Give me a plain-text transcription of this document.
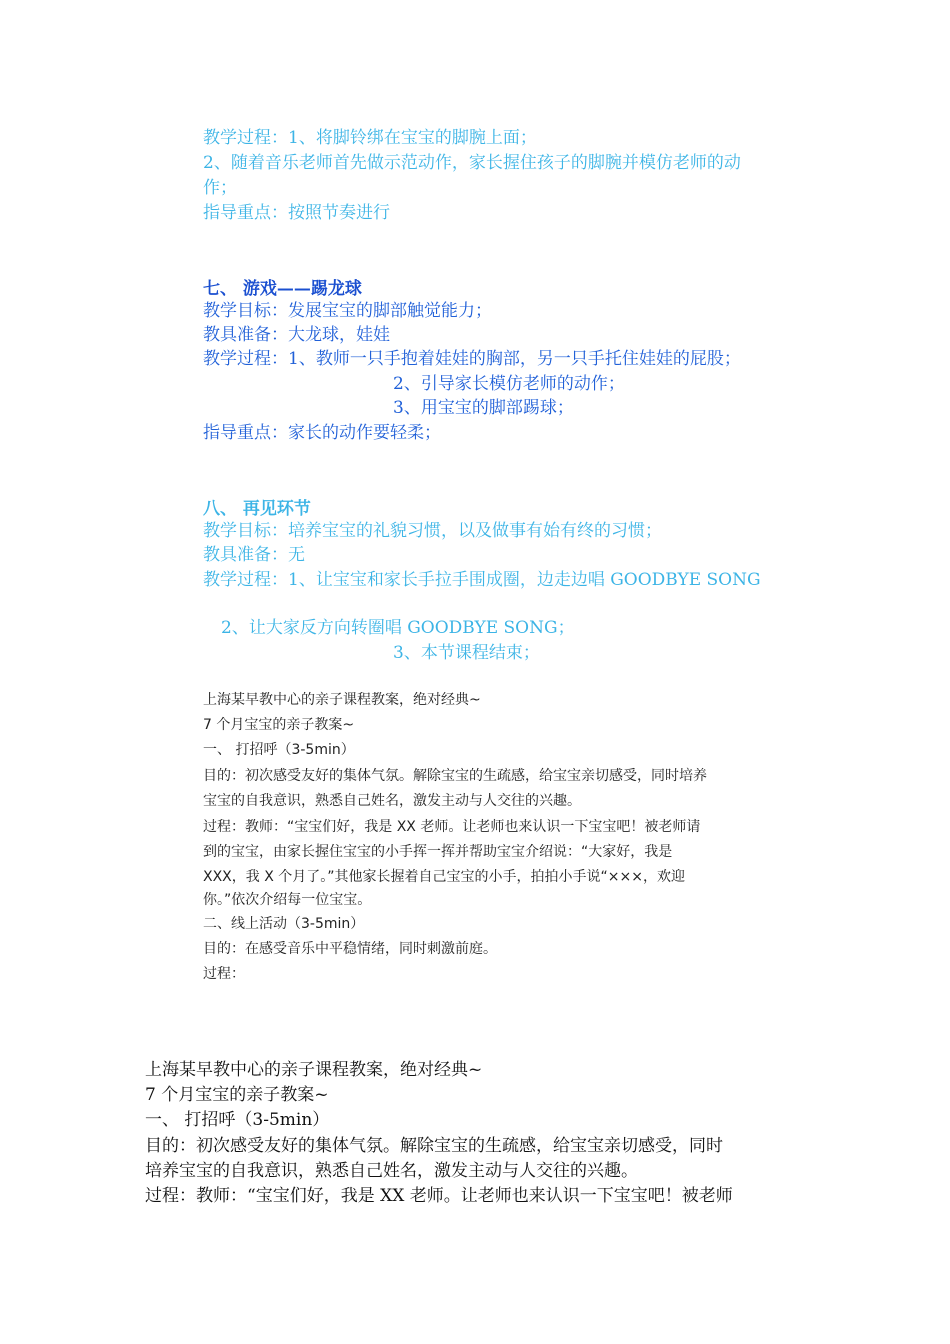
教学过程：1、将脚铃绑在宝宝的脚腕上面；
2、随着音乐老师首先做示范动作，家长握住孩子的脚腕并模仿老师的动
作；
指导重点：按照节奏进行
七、 游戏——踢龙球
教学目标：发展宝宝的脚部触觉能力；
教具准备：大龙球，娃娃
教学过程：1、教师一只手抱着娃娃的胸部，另一只手托住娃娃的屁股；
2、引导家长模仿老师的动作；
3、用宝宝的脚部踢球；
指导重点：家长的动作要轻柔；
八、 再见环节
教学目标：培养宝宝的礼貌习惯，以及做事有始有终的习惯；
教具准备：无
教学过程：1、让宝宝和家长手拉手围成圈，边走边唱 GOODBYE SONG
2、让大家反方向转圈唱 GOODBYE SONG；
3、本节课程结束；
上海某早教中心的亲子课程教案，绝对经典~
7 个月宝宝的亲子教案~
一、 打招呼（3-5min）
目的：初次感受友好的集体气氛。解除宝宝的生疏感，给宝宝亲切感受，同时培养
宝宝的自我意识，熟悉自己姓名，激发主动与人交往的兴趣。
过程：教师：“宝宝们好，我是 XX 老师。让老师也来认识一下宝宝吧！被老师请
到的宝宝，由家长握住宝宝的小手挥一挥并帮助宝宝介绍说：“大家好，我是
XXX，我 X 个月了。”其他家长握着自己宝宝的小手，拍拍小手说“×××，欢迎
你。”依次介绍每一位宝宝。
二、线上活动（3-5min）
目的：在感受音乐中平稳情绪，同时刺激前庭。
过程：
上海某早教中心的亲子课程教案，绝对经典~
7 个月宝宝的亲子教案~
一、 打招呼（3-5min）
目的：初次感受友好的集体气氛。解除宝宝的生疏感，给宝宝亲切感受，同时
培养宝宝的自我意识，熟悉自己姓名，激发主动与人交往的兴趣。
过程：教师：“宝宝们好，我是 XX 老师。让老师也来认识一下宝宝吧！被老师
